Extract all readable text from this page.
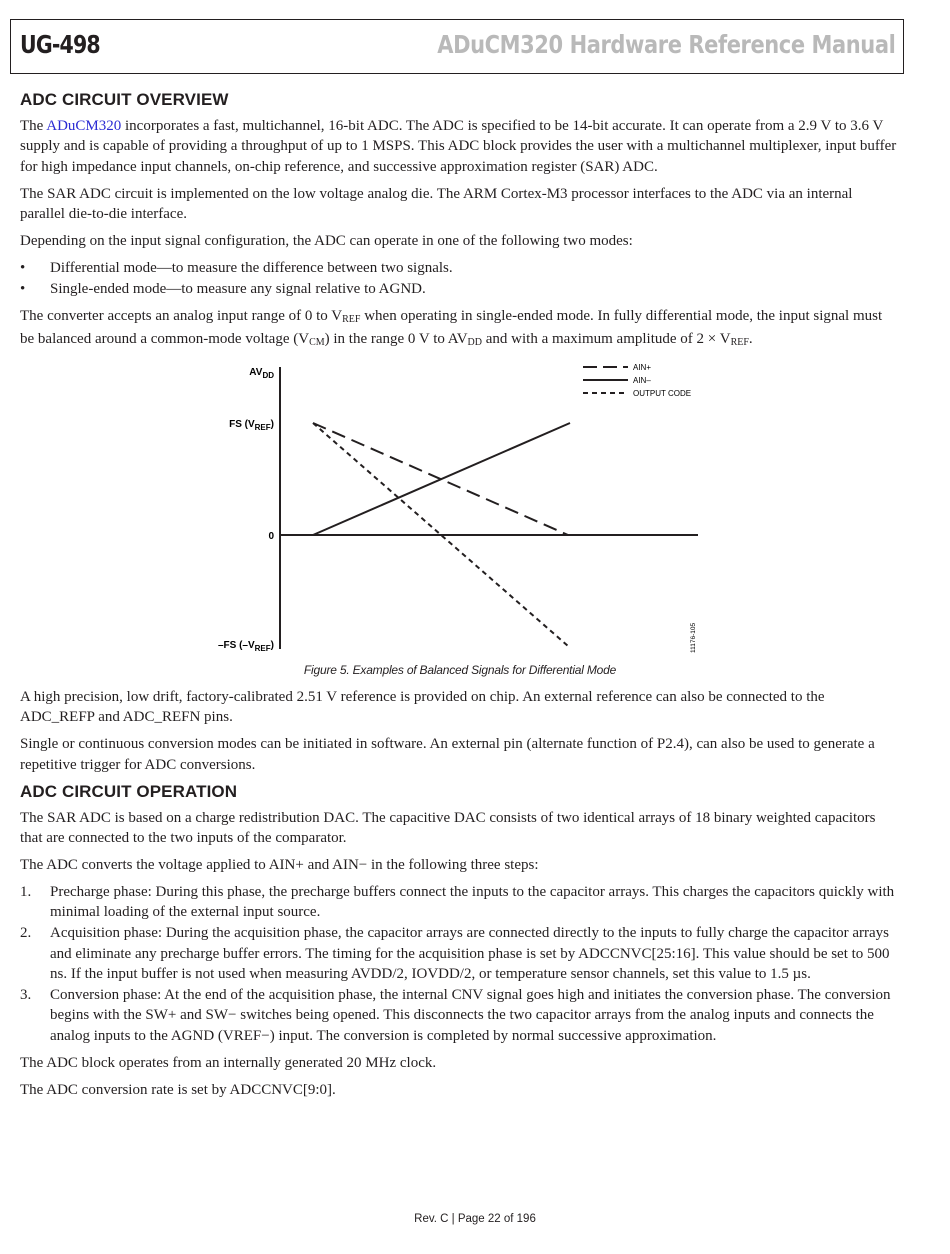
UG-498	ADuCM320 Hardware Reference Manual
ADC CIRCUIT OVERVIEW

The ADuCM320 incorporates a fast, multichannel, 16-bit ADC. The ADC is specified to be 14-bit accurate. It can operate from a 2.9 V to 3.6 V supply and is capable of providing a throughput of up to 1 MSPS. This ADC block provides the user with a multichannel multiplexer, input buffer for high impedance input channels, on-chip reference, and successive approximation register (SAR) ADC.

The SAR ADC circuit is implemented on the low voltage analog die. The ARM Cortex-M3 processor interfaces to the ADC via an internal parallel die-to-die interface.

Depending on the input signal configuration, the ADC can operate in one of the following two modes:

• Differential mode—to measure the difference between two signals.
• Single-ended mode—to measure any signal relative to AGND.

The converter accepts an analog input range of 0 to $V_{REF}$ when operating in single-ended mode. In fully differential mode, the input signal must be balanced around a common-mode voltage $(V_{CM})$ in the range 0 V to $AV_{DD}$ and with a maximum amplitude of $2 \times V_{REF}$.

$AV_{DD}$
FS $(V_{REF})$
0
–FS $(-V_{REF})$
AIN+
AIN–
OUTPUT CODE
11176-105
Figure 5. Examples of Balanced Signals for Differential Mode

A high precision, low drift, factory-calibrated 2.51 V reference is provided on chip. An external reference can also be connected to the ADC_REFP and ADC_REFN pins.

Single or continuous conversion modes can be initiated in software. An external pin (alternate function of P2.4), can also be used to generate a repetitive trigger for ADC conversions.

ADC CIRCUIT OPERATION

The SAR ADC is based on a charge redistribution DAC. The capacitive DAC consists of two identical arrays of 18 binary weighted capacitors that are connected to the two inputs of the comparator.

The ADC converts the voltage applied to AIN+ and AIN− in the following three steps:

1. Precharge phase: During this phase, the precharge buffers connect the inputs to the capacitor arrays. This charges the capacitors quickly with minimal loading of the external input source.
2. Acquisition phase: During the acquisition phase, the capacitor arrays are connected directly to the inputs to fully charge the capacitor arrays and eliminate any precharge buffer errors. The timing for the acquisition phase is set by ADCCNVC[25:16]. This value should be set to 500 ns. If the input buffer is not used when measuring AVDD/2, IOVDD/2, or temperature sensor channels, set this value to 1.5 µs.
3. Conversion phase: At the end of the acquisition phase, the internal CNV signal goes high and initiates the conversion phase. The conversion begins with the SW+ and SW− switches being opened. This disconnects the two capacitor arrays from the analog inputs and connects the analog inputs to the AGND (VREF−) input. The conversion is completed by normal successive approximation.

The ADC block operates from an internally generated 20 MHz clock.

The ADC conversion rate is set by ADCCNVC[9:0].

Rev. C | Page 22 of 196
